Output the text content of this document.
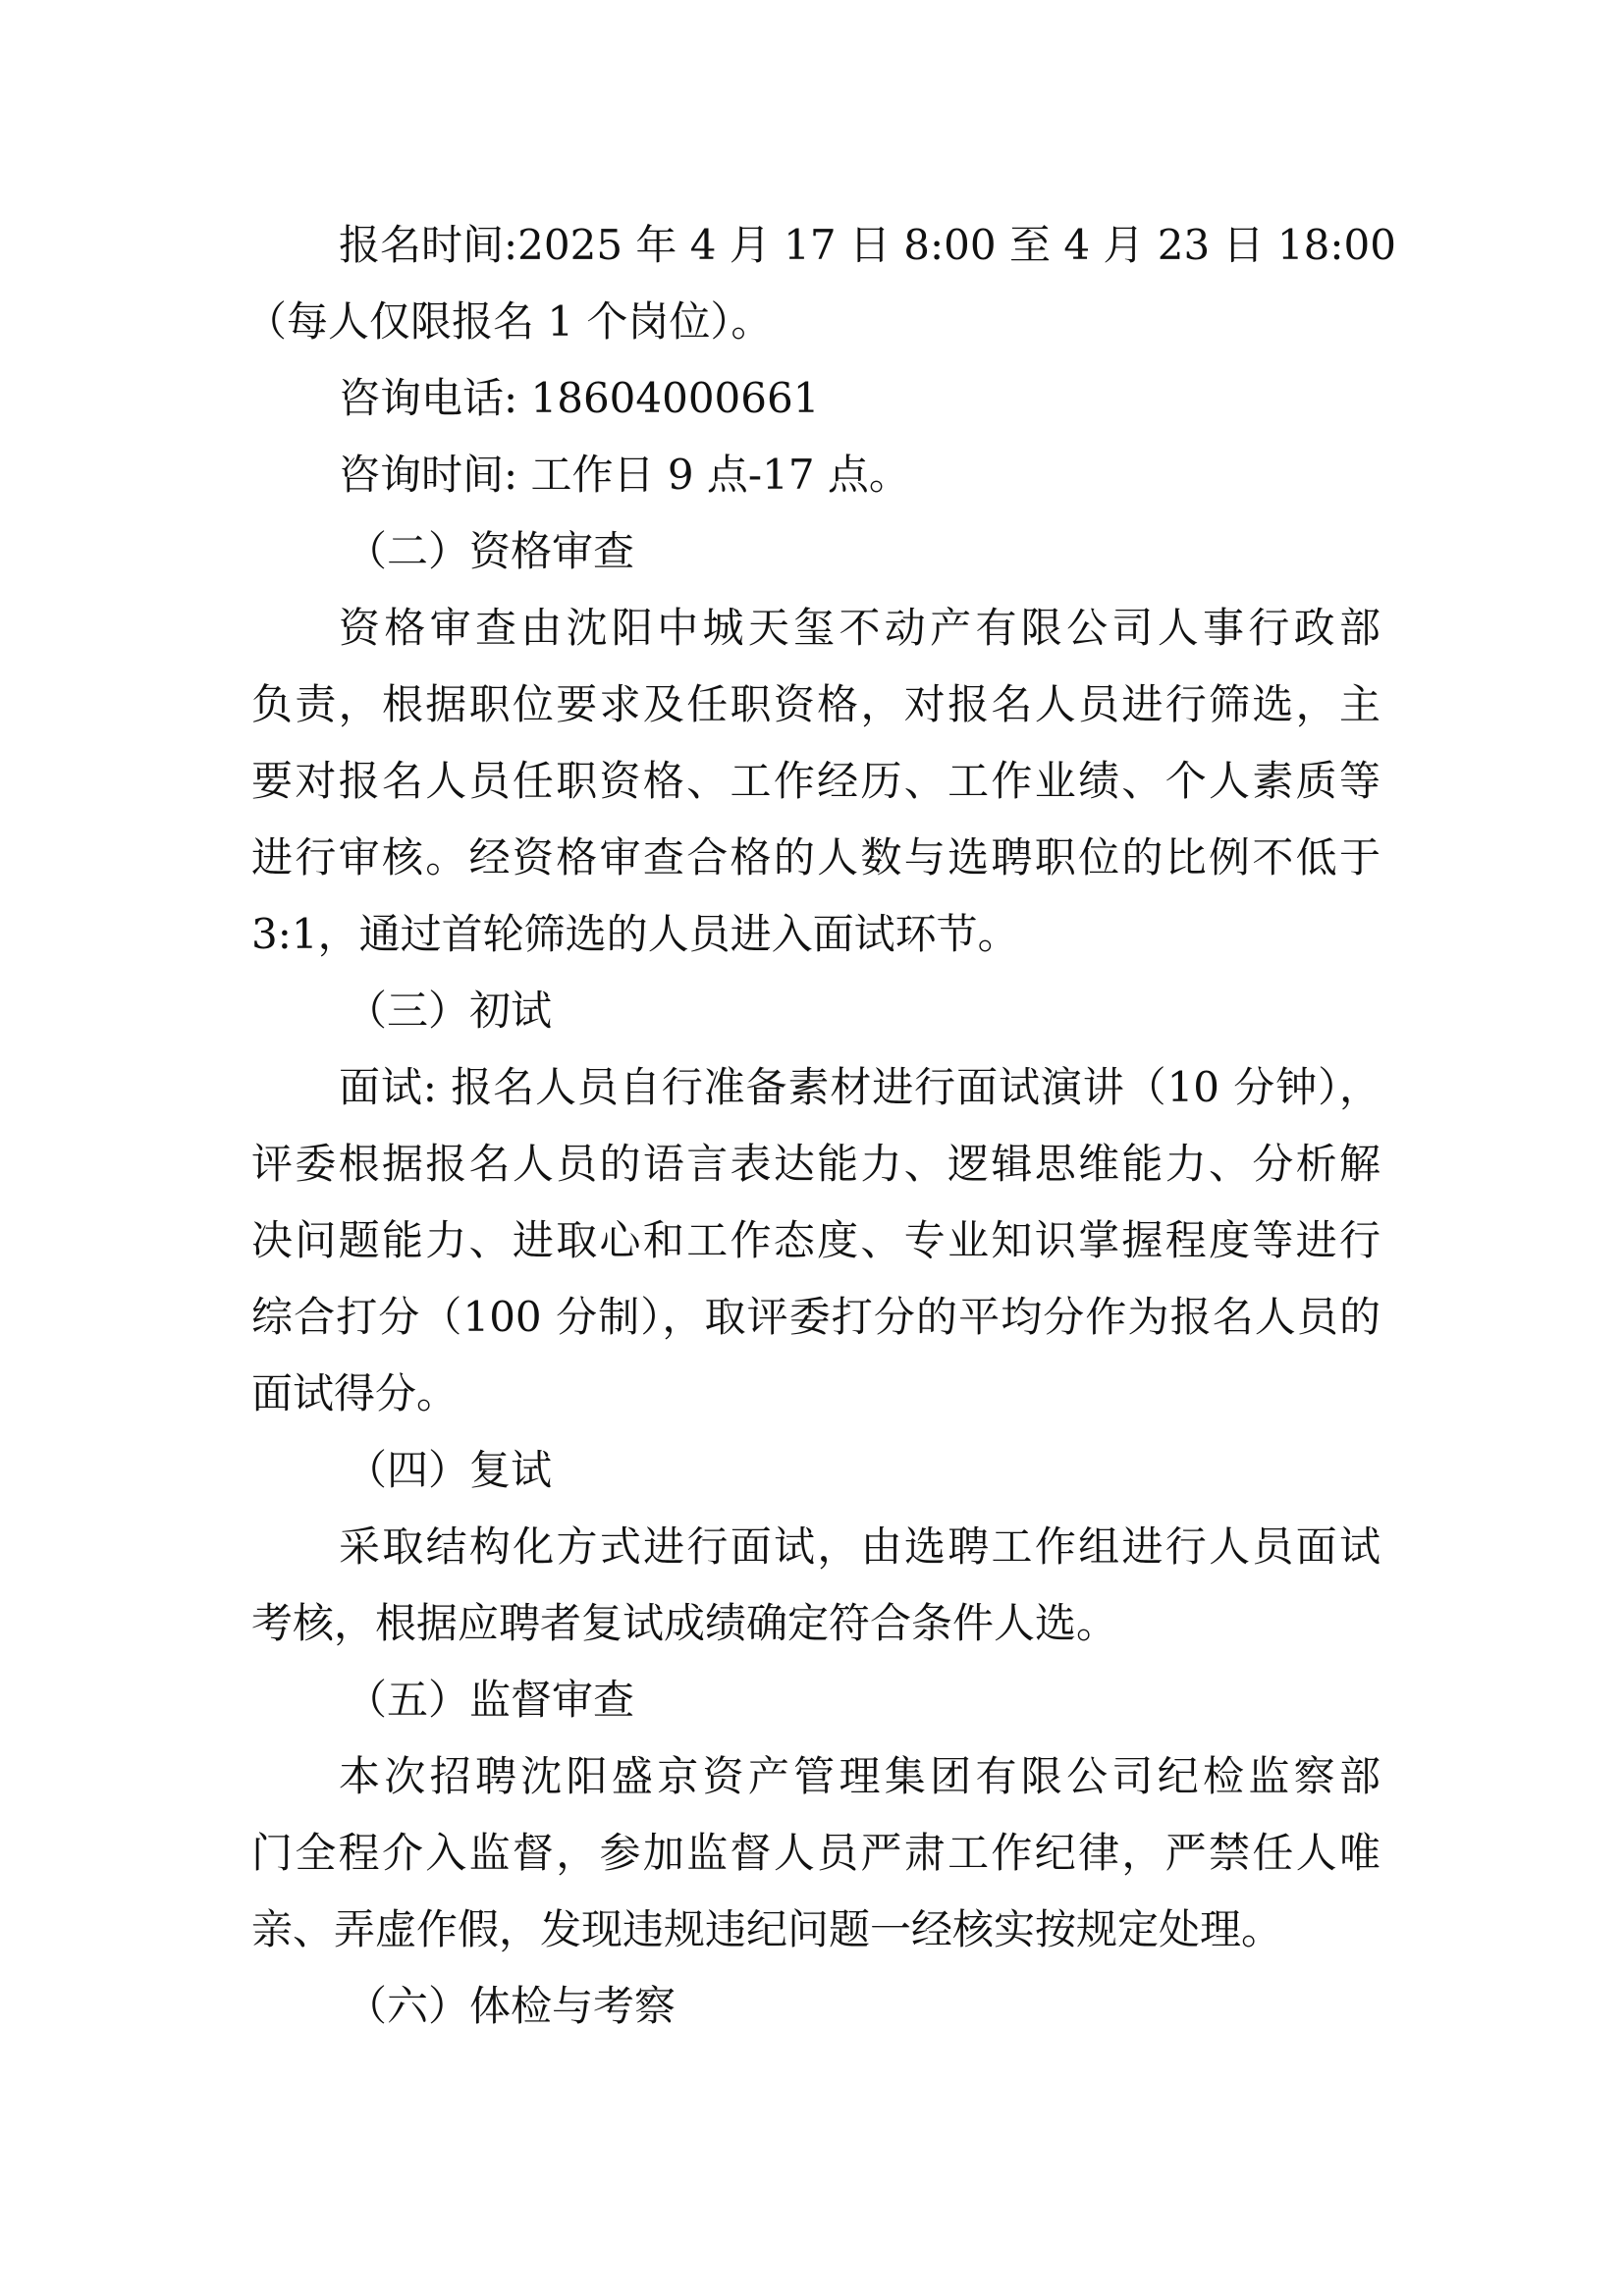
报名时间:2025 年 4 月 17 日 8:00 至 4 月 23 日 18:00
（每人仅限报名 1 个岗位）。
咨询电话: 18604000661
咨询时间: 工作日 9 点-17 点。
（二）资格审查
资格审查由沈阳中城天玺不动产有限公司人事行政部
负责，根据职位要求及任职资格，对报名人员进行筛选，主
要对报名人员任职资格、工作经历、工作业绩、个人素质等
进行审核。经资格审查合格的人数与选聘职位的比例不低于
3:1，通过首轮筛选的人员进入面试环节。
（三）初试
面试: 报名人员自行准备素材进行面试演讲（10 分钟），
评委根据报名人员的语言表达能力、逻辑思维能力、分析解
决问题能力、进取心和工作态度、专业知识掌握程度等进行
综合打分（100 分制），取评委打分的平均分作为报名人员的
面试得分。
（四）复试
采取结构化方式进行面试，由选聘工作组进行人员面试
考核，根据应聘者复试成绩确定符合条件人选。
（五）监督审查
本次招聘沈阳盛京资产管理集团有限公司纪检监察部
门全程介入监督，参加监督人员严肃工作纪律，严禁任人唯
亲、弄虚作假，发现违规违纪问题一经核实按规定处理。
（六）体检与考察
